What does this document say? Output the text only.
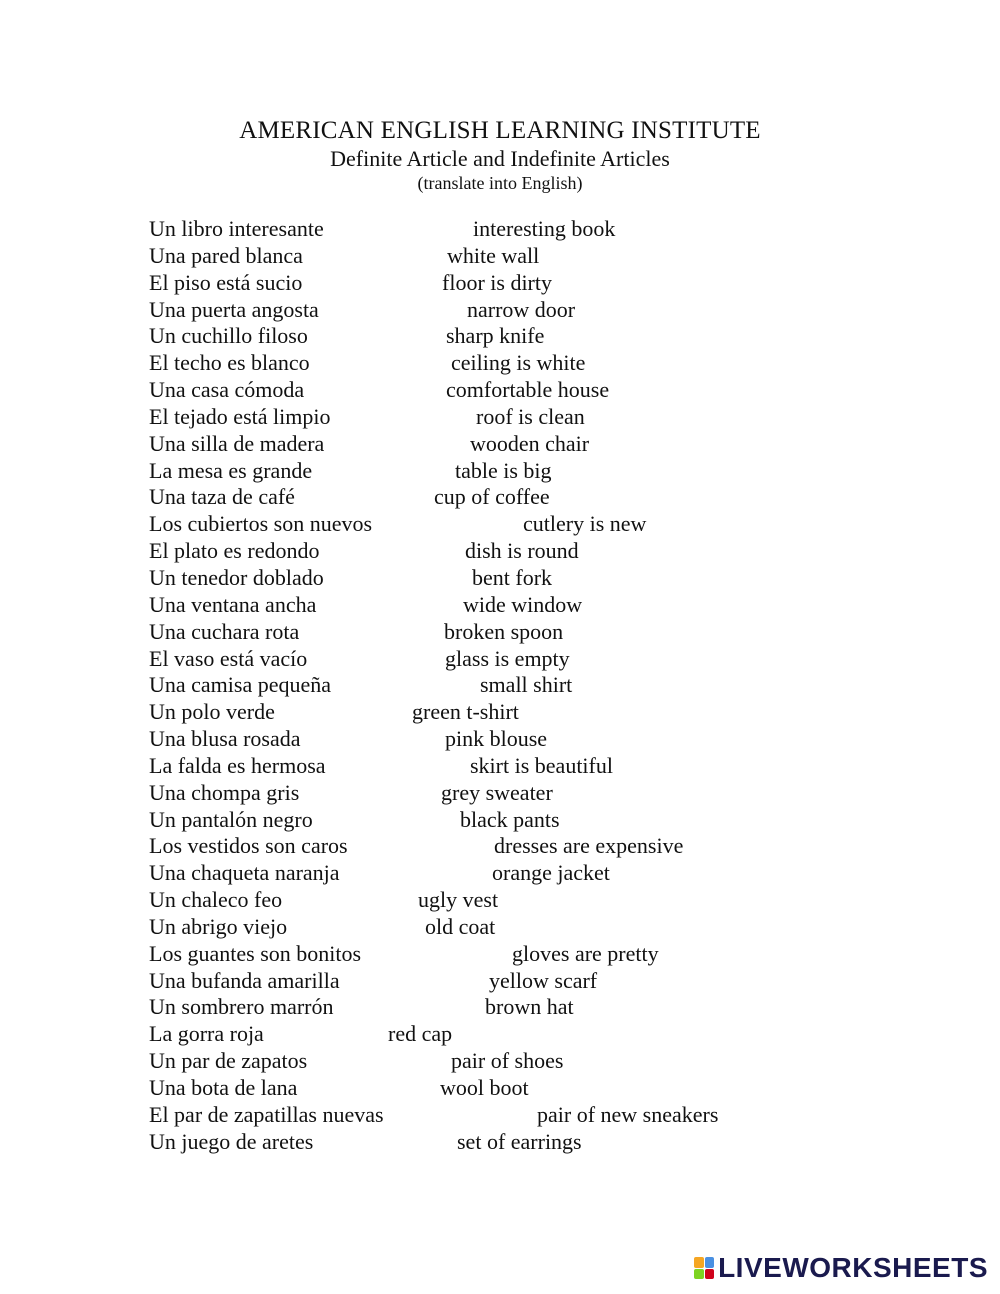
AMERICAN ENGLISH LEARNING INSTITUTE
Definite Article and Indefinite Articles
(translate into English)
Un libro interesante	interesting book
Una pared blanca	white wall
El piso está sucio	floor is dirty
Una puerta angosta	narrow door
Un cuchillo filoso	sharp knife
El techo es blanco	ceiling is white
Una casa cómoda	comfortable house
El tejado está limpio	roof is clean
Una silla de madera	wooden chair
La mesa es grande	table is big
Una taza de café	cup of coffee
Los cubiertos son nuevos	cutlery is new
El plato es redondo	dish is round
Un tenedor doblado	bent fork
Una ventana ancha	wide window
Una cuchara rota	broken spoon
El vaso está vacío	glass is empty
Una camisa pequeña	small shirt
Un polo verde	green t-shirt
Una blusa rosada	pink blouse
La falda es hermosa	skirt is beautiful
Una chompa gris	grey sweater
Un pantalón negro	black pants
Los vestidos son caros	dresses are expensive
Una chaqueta naranja	orange jacket
Un chaleco feo	ugly vest
Un abrigo viejo	old coat
Los guantes son bonitos	gloves are pretty
Una bufanda amarilla	yellow scarf
Un sombrero marrón	brown hat
La gorra roja	red cap
Un par de zapatos	pair of shoes
Una bota de lana	wool boot
El par de zapatillas nuevas	pair of new sneakers
Un juego de aretes	set of earrings
LIVEWORKSHEETS
